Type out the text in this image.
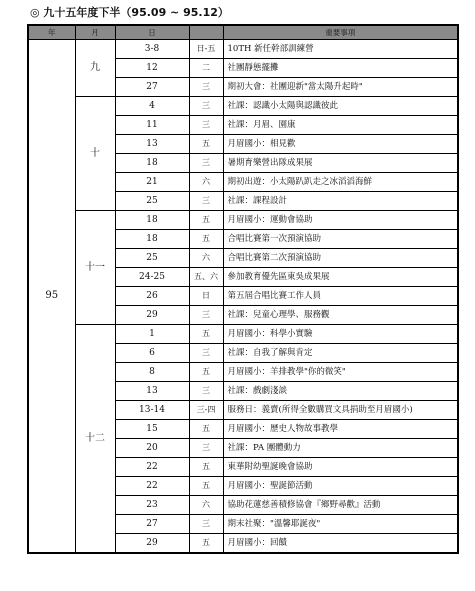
◎ 九十五年度下半（95.09 ~ 95.12）
年	月	日		重要事項
95	九	3-8	日-五	10TH 新任幹部訓練營
		12	二	社團靜態擺攤
		27	三	期初大會：社團迎新"當太陽升起時"
	十	4	三	社課：認識小太陽與認識彼此
		11	三	社課：月眉、園康
		13	五	月眉國小：相見歡
		18	三	暑期育樂營出隊成果展
		21	六	期初出遊：小太陽趴趴走之冰滔滔海鮮
		25	三	社課：課程設計
	十一	18	五	月眉國小：運動會協助
		18	五	合唱比賽第一次預演協助
		25	六	合唱比賽第二次預演協助
		24-25	五、六	參加教育優先區東吳成果展
		26	日	第五屆合唱比賽工作人員
		29	三	社課：兒童心理學、服務觀
	十二	1	五	月眉國小：科學小實驗
		6	三	社課：自我了解與肯定
		8	五	月眉國小：羊排教學"你的微笑"
		13	三	社課：戲劇淺談
		13-14	三-四	服務日：義賣(所得全數購買文具捐助至月眉國小)
		15	五	月眉國小：歷史人物故事教學
		20	三	社課：PA 團體動力
		22	五	東華附幼聖誕晚會協助
		22	五	月眉國小：聖誕節活動
		23	六	協助花蓮慈善積修協會『鄉野尋歡』活動
		27	三	期末社聚："溫馨耶誕夜"
		29	五	月眉國小：回饋
